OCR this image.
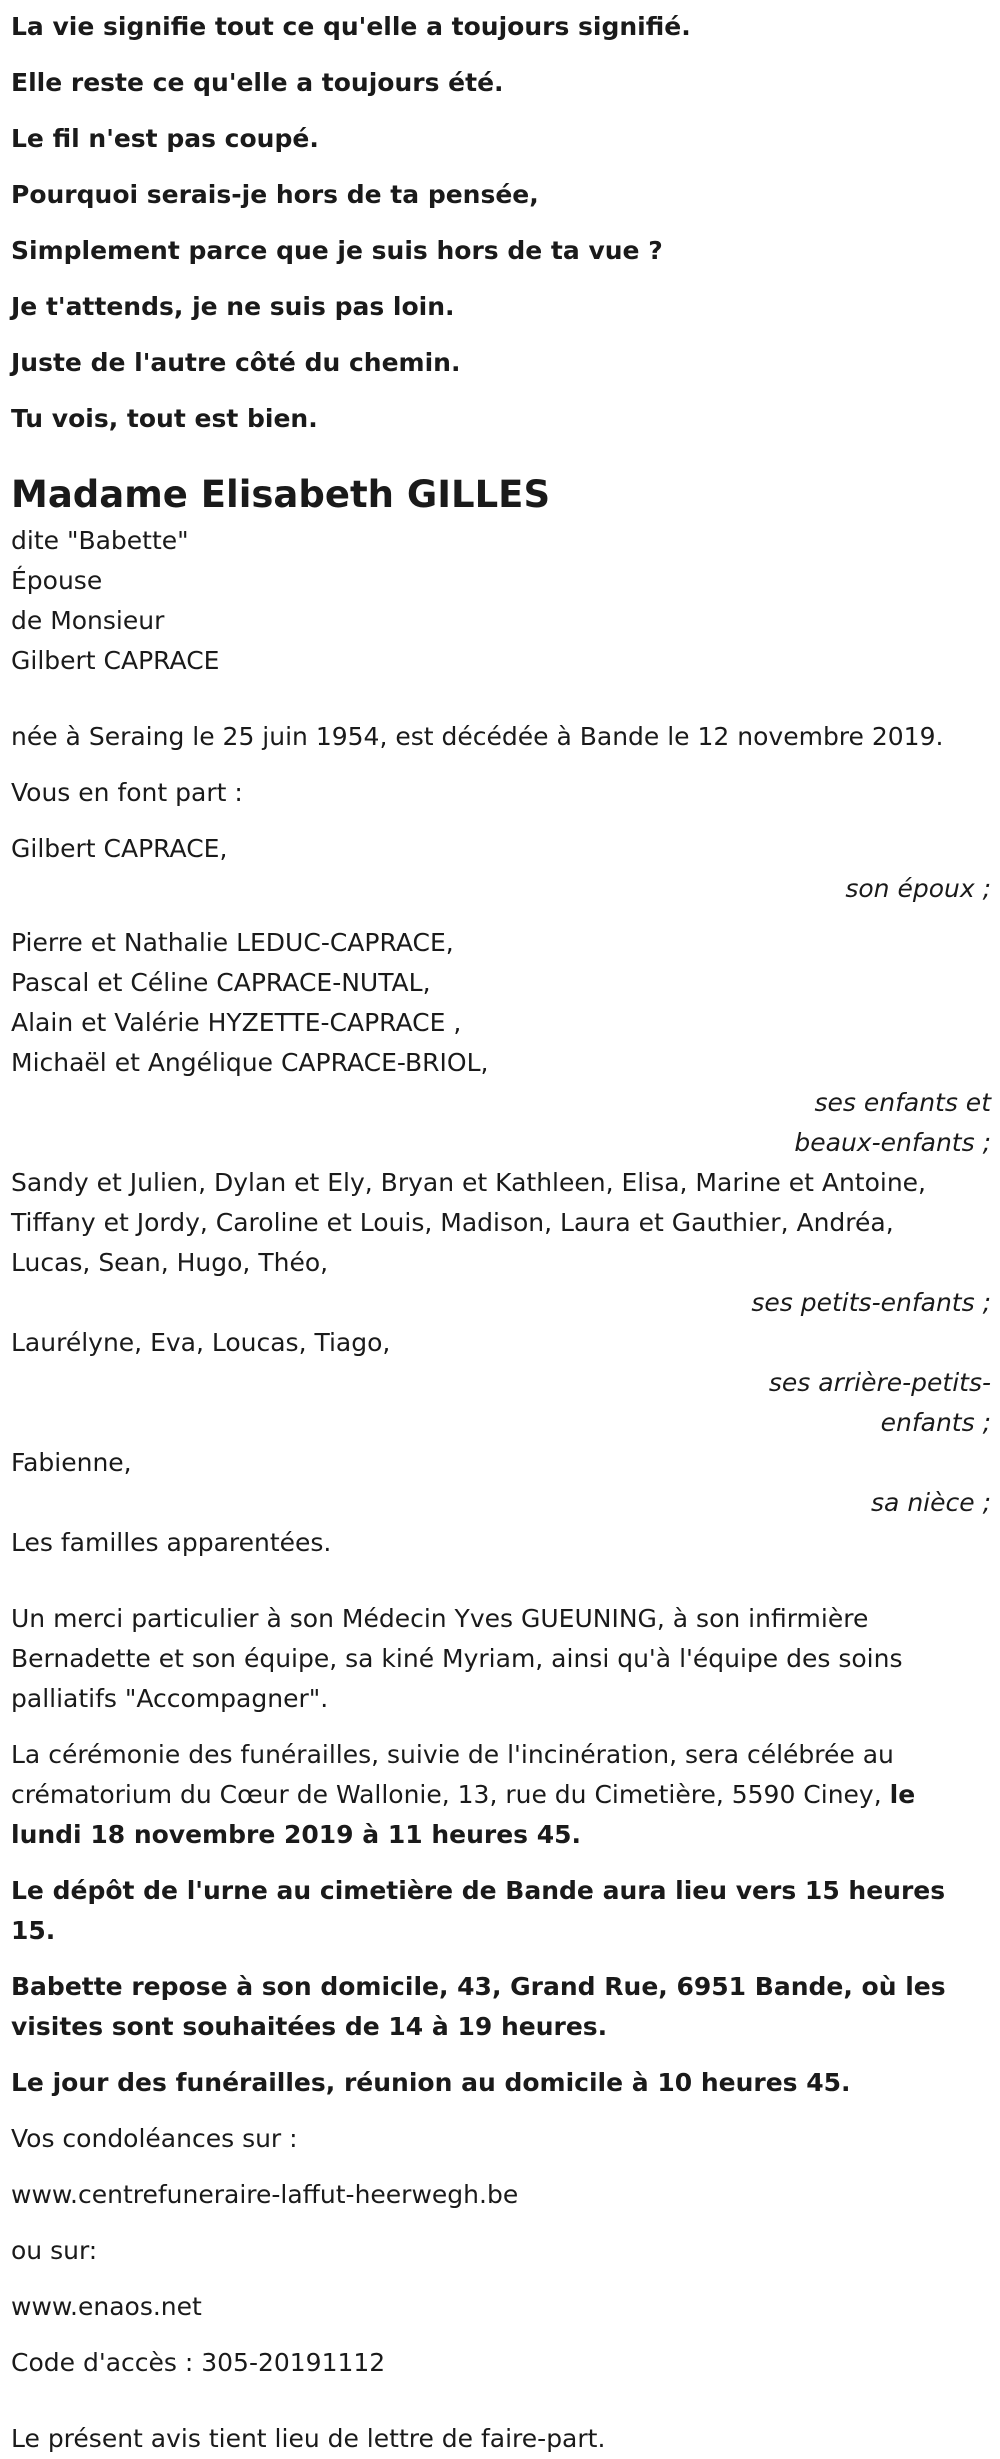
La vie signifie tout ce qu'elle a toujours signifié.
Elle reste ce qu'elle a toujours été.
Le fil n'est pas coupé.
Pourquoi serais-je hors de ta pensée,
Simplement parce que je suis hors de ta vue ?
Je t'attends, je ne suis pas loin.
Juste de l'autre côté du chemin.
Tu vois, tout est bien.
Madame Elisabeth GILLES
dite "Babette"
Épouse
de Monsieur
Gilbert CAPRACE
née à Seraing le 25 juin 1954, est décédée à Bande le 12 novembre 2019.
Vous en font part :
Gilbert CAPRACE,
son époux ;
Pierre et Nathalie LEDUC-CAPRACE,
Pascal et Céline CAPRACE-NUTAL,
Alain et Valérie HYZETTE-CAPRACE ,
Michaël et Angélique CAPRACE-BRIOL,
ses enfants et
beaux-enfants ;
Sandy et Julien, Dylan et Ely, Bryan et Kathleen, Elisa, Marine et Antoine,
Tiffany et Jordy, Caroline et Louis, Madison, Laura et Gauthier, Andréa,
Lucas, Sean, Hugo, Théo,
ses petits-enfants ;
Laurélyne, Eva, Loucas, Tiago,
ses arrière-petits-
enfants ;
Fabienne,
sa nièce ;
Les familles apparentées.
Un merci particulier à son Médecin Yves GUEUNING, à son infirmière
Bernadette et son équipe, sa kiné Myriam, ainsi qu'à l'équipe des soins
palliatifs "Accompagner".
La cérémonie des funérailles, suivie de l'incinération, sera célébrée au
crématorium du Cœur de Wallonie, 13, rue du Cimetière, 5590 Ciney, le
lundi 18 novembre 2019 à 11 heures 45.
Le dépôt de l'urne au cimetière de Bande aura lieu vers 15 heures 15.
Babette repose à son domicile, 43, Grand Rue, 6951 Bande, où les
visites sont souhaitées de 14 à 19 heures.
Le jour des funérailles, réunion au domicile à 10 heures 45.
Vos condoléances sur :
www.centrefuneraire-laffut-heerwegh.be
ou sur:
www.enaos.net
Code d'accès : 305-20191112
Le présent avis tient lieu de lettre de faire-part.
